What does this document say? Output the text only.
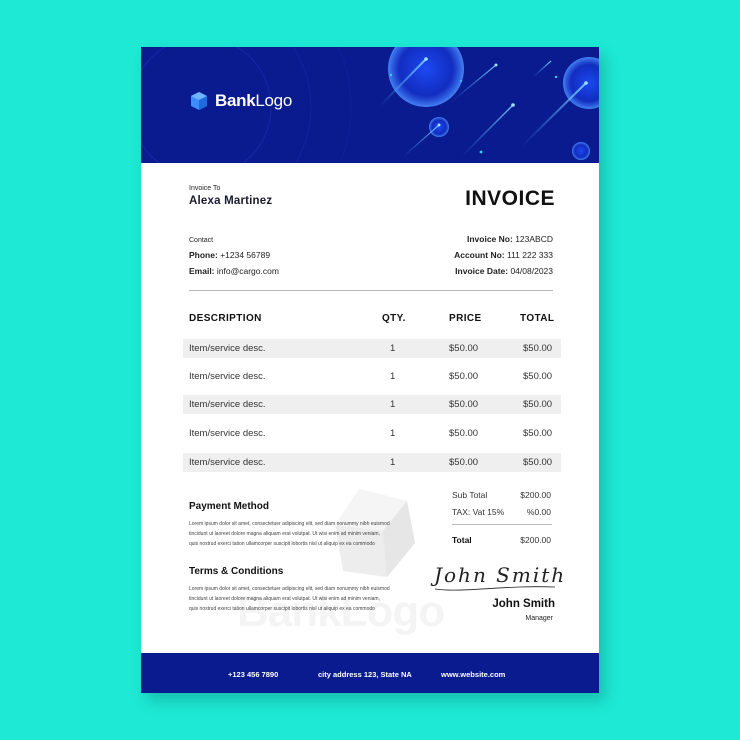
BankLogo
Invoice To
Alexa Martinez	INVOICE
Contact
Phone: +1234 56789
Email: info@cargo.com
Invoice No: 123ABCD
Account No: 111 222 333
Invoice Date: 04/08/2023
DESCRIPTION	QTY.	PRICE	TOTAL
Item/service desc.	1	$50.00	$50.00
Item/service desc.	1	$50.00	$50.00
Item/service desc.	1	$50.00	$50.00
Item/service desc.	1	$50.00	$50.00
Item/service desc.	1	$50.00	$50.00
Payment Method
Lorem ipsum dolor sit amet, consectetuer adipiscing elit, sed diam nonummy nibh euismod
tincidunt ut laoreet dolore magna aliquam erat volutpat. Ut wisi enim ad minim veniam,
quis nostrud exerci tation ullamcorper suscipit lobortis nisl ut aliquip ex ea commodo
Terms & Conditions
Lorem ipsum dolor sit amet, consectetuer adipiscing elit, sed diam nonummy nibh euismod
tincidunt ut laoreet dolore magna aliquam erat volutpat. Ut wisi enim ad minim veniam,
quis nostrud exerci tation ullamcorper suscipit lobortis nisl ut aliquip ex ea commodo
Sub Total	$200.00
TAX: Vat 15%	%0.00
Total	$200.00
John Smith
John Smith
Manager
+123 456 7890	city address 123, State NA	www.website.com
